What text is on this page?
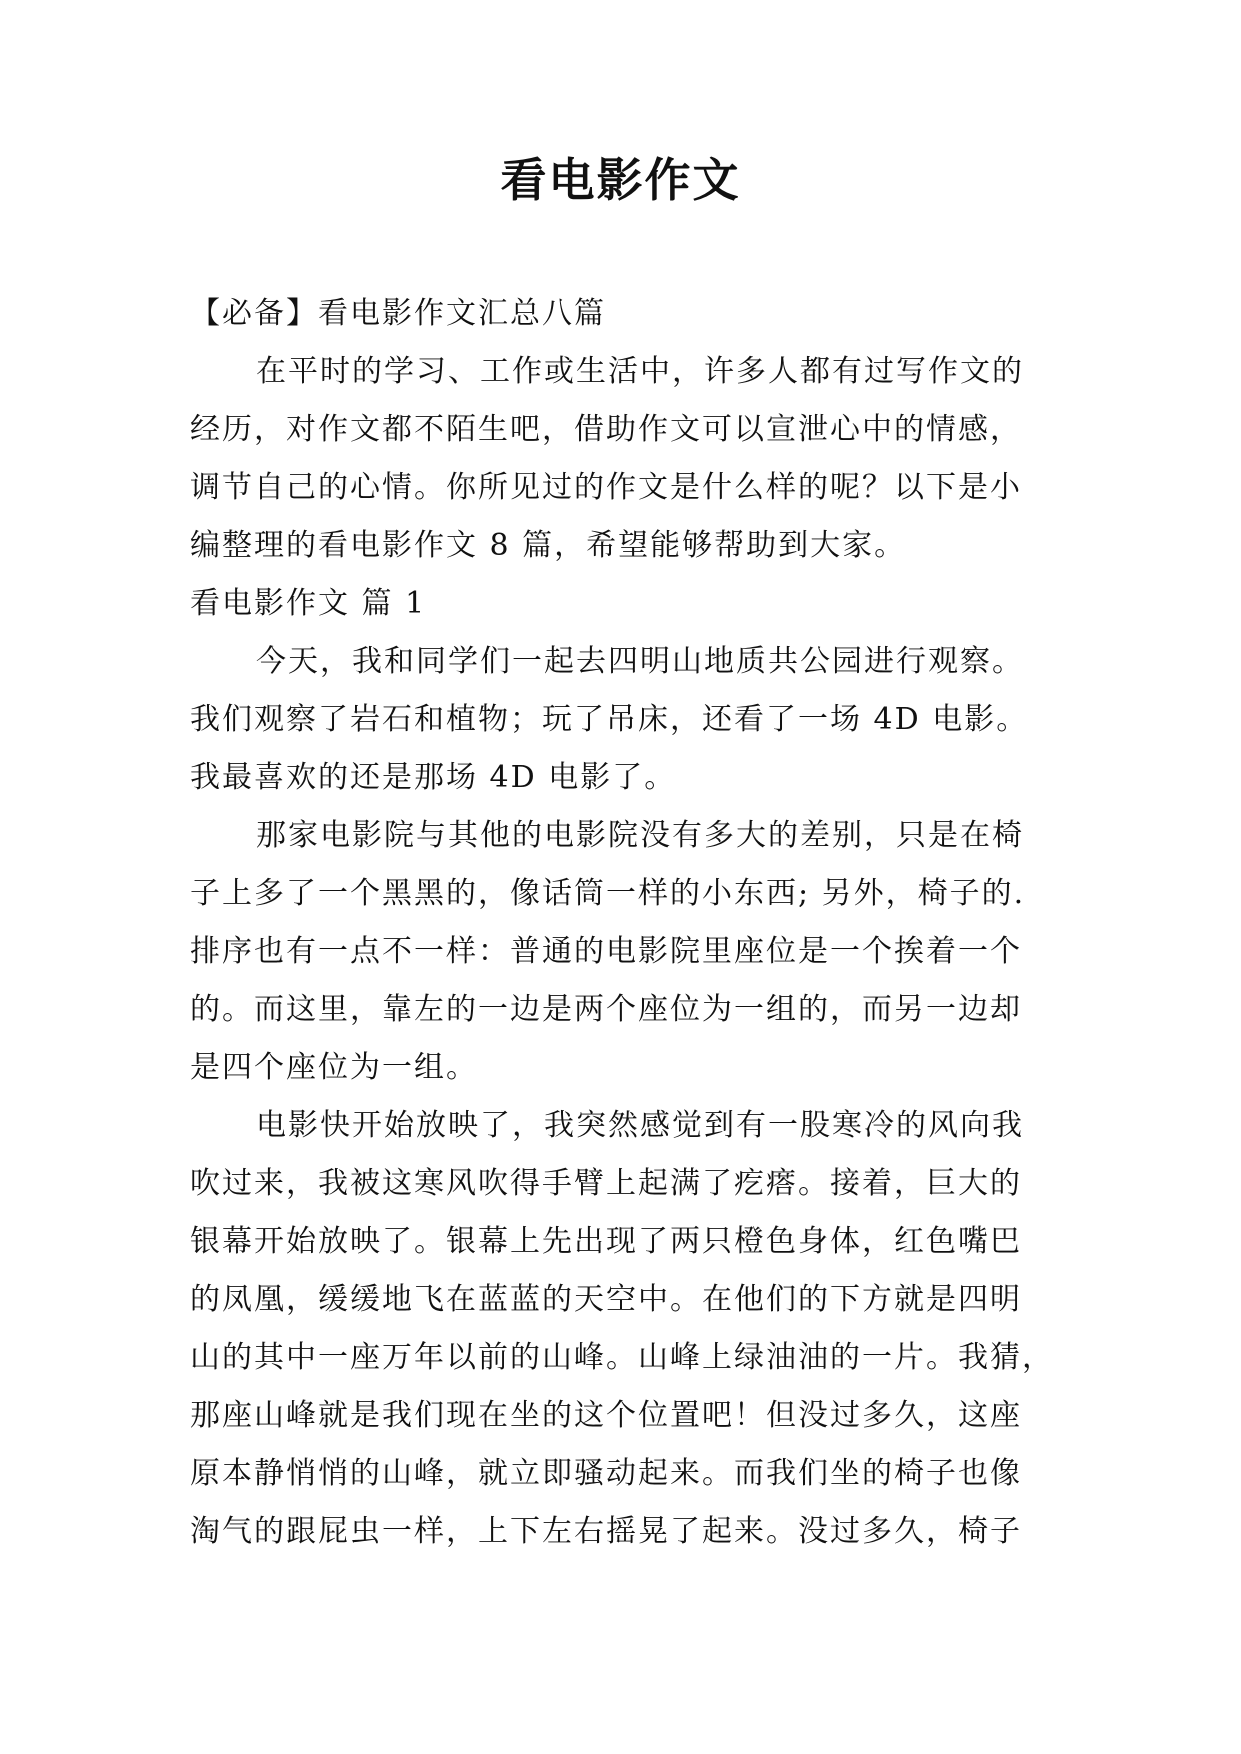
看电影作文
【必备】看电影作文汇总八篇
在平时的学习、工作或生活中，许多人都有过写作文的
经历，对作文都不陌生吧，借助作文可以宣泄心中的情感，
调节自己的心情。你所见过的作文是什么样的呢？以下是小
编整理的看电影作文 8 篇，希望能够帮助到大家。
看电影作文 篇 1
今天，我和同学们一起去四明山地质共公园进行观察。
我们观察了岩石和植物；玩了吊床，还看了一场 4D 电影。
我最喜欢的还是那场 4D 电影了。
那家电影院与其他的电影院没有多大的差别，只是在椅
子上多了一个黑黑的，像话筒一样的小东西; 另外，椅子的.
排序也有一点不一样：普通的电影院里座位是一个挨着一个
的。而这里，靠左的一边是两个座位为一组的，而另一边却
是四个座位为一组。
电影快开始放映了，我突然感觉到有一股寒冷的风向我
吹过来，我被这寒风吹得手臂上起满了疙瘩。接着，巨大的
银幕开始放映了。银幕上先出现了两只橙色身体，红色嘴巴
的凤凰，缓缓地飞在蓝蓝的天空中。在他们的下方就是四明
山的其中一座万年以前的山峰。山峰上绿油油的一片。我猜，
那座山峰就是我们现在坐的这个位置吧！但没过多久，这座
原本静悄悄的山峰，就立即骚动起来。而我们坐的椅子也像
淘气的跟屁虫一样，上下左右摇晃了起来。没过多久，椅子
